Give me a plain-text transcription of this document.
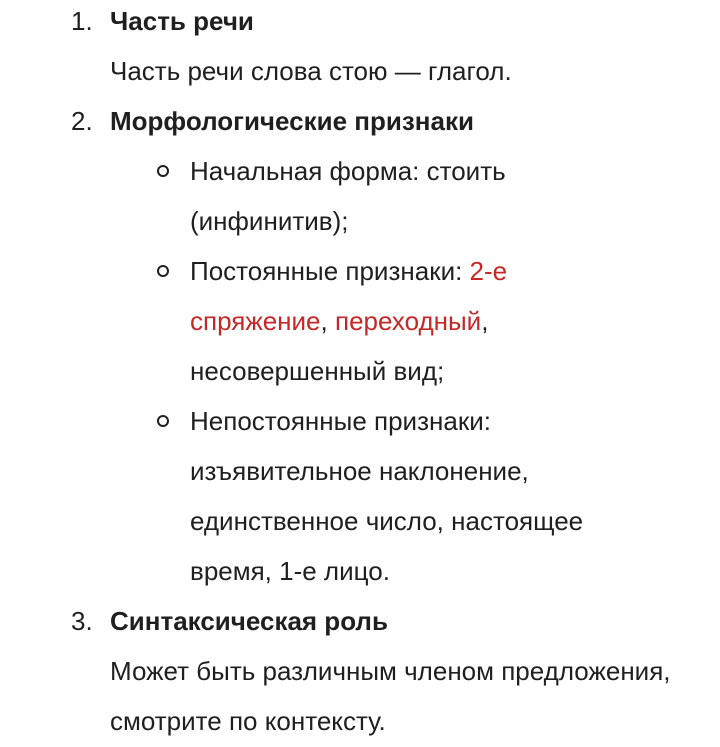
1. Часть речи
Часть речи слова стою — глагол.
2. Морфологические признаки
Начальная форма: стоить (инфинитив);
Постоянные признаки: 2-е спряжение, переходный, несовершенный вид;
Непостоянные признаки: изъявительное наклонение, единственное число, настоящее время, 1-е лицо.
3. Синтаксическая роль
Может быть различным членом предложения, смотрите по контексту.
